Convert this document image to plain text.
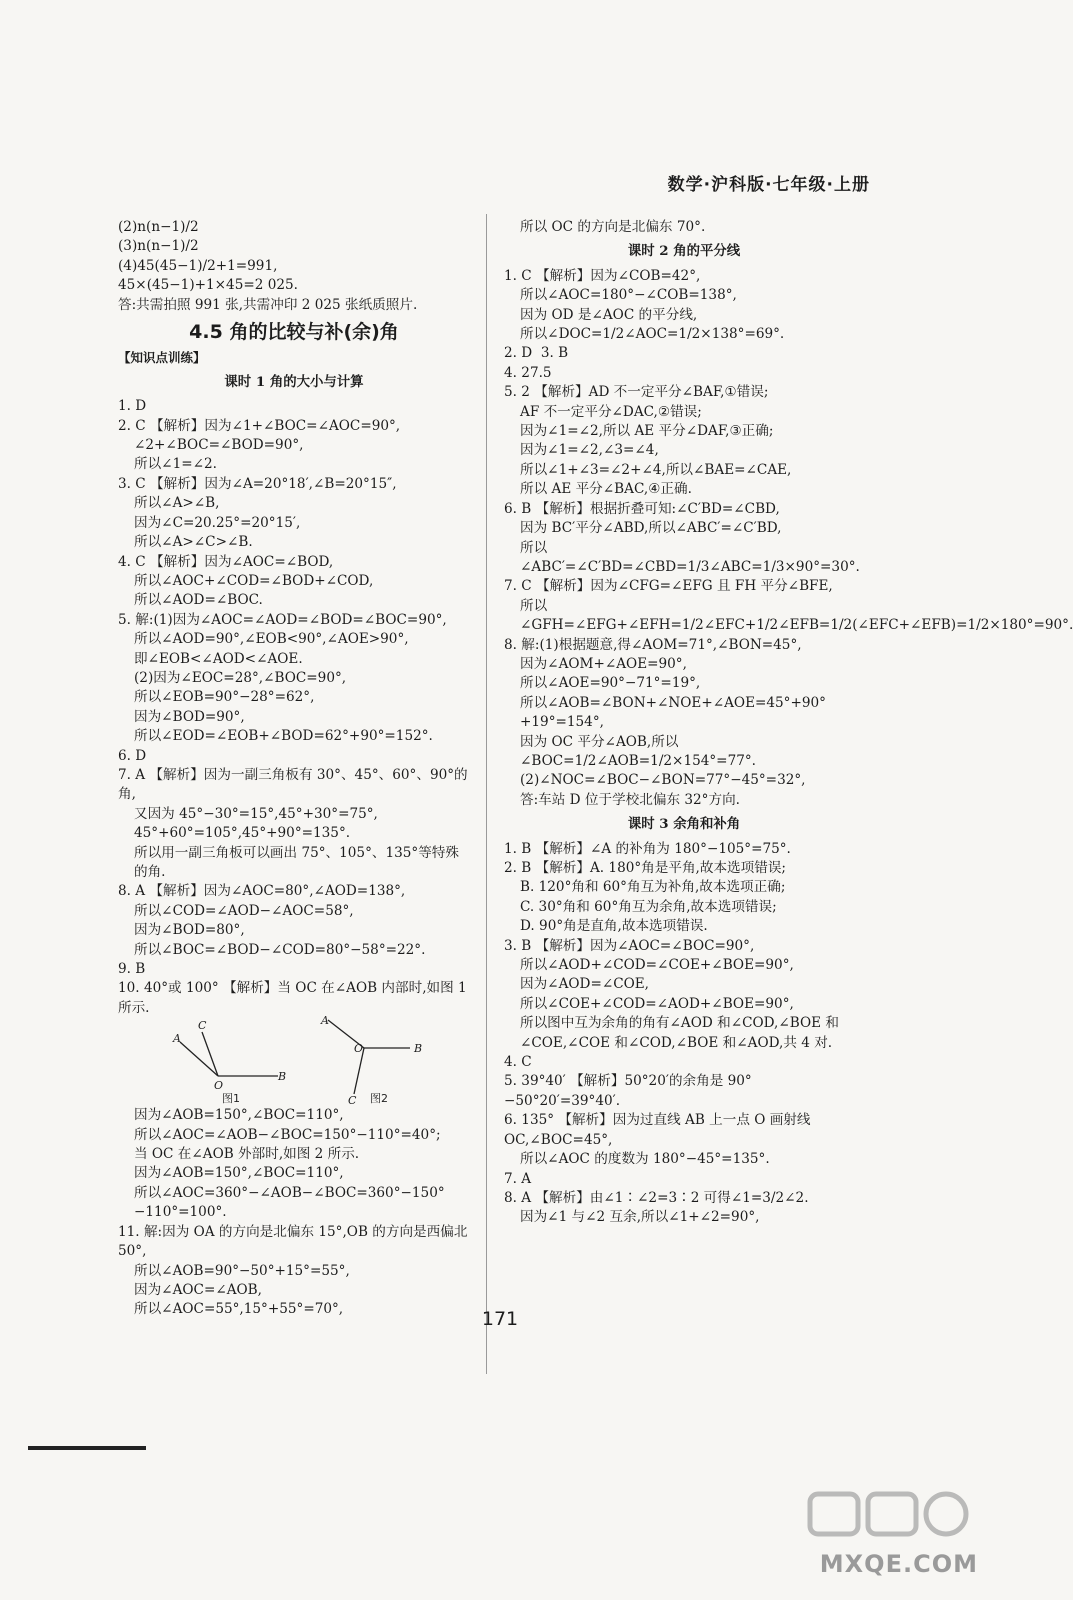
数学·沪科版·七年级·上册

(2)n(n−1)/2

(3)n(n−1)/2

(4)45(45−1)/2+1=991,

45×(45−1)+1×45=2 025.

答:共需拍照 991 张,共需冲印 2 025 张纸质照片.

4.5 角的比较与补(余)角
【知识点训练】
课时 1 角的大小与计算

1. D

2. C 【解析】因为∠1+∠BOC=∠AOC=90°,

∠2+∠BOC=∠BOD=90°,

所以∠1=∠2.

3. C 【解析】因为∠A=20°18′,∠B=20°15″,

所以∠A>∠B,

因为∠C=20.25°=20°15′,

所以∠A>∠C>∠B.

4. C 【解析】因为∠AOC=∠BOD,

所以∠AOC+∠COD=∠BOD+∠COD,

所以∠AOD=∠BOC.

5. 解:(1)因为∠AOC=∠AOD=∠BOD=∠BOC=90°,

所以∠AOD=90°,∠EOB<90°,∠AOE>90°,

即∠EOB<∠AOD<∠AOE.

(2)因为∠EOC=28°,∠BOC=90°,

所以∠EOB=90°−28°=62°,

因为∠BOD=90°,

所以∠EOD=∠EOB+∠BOD=62°+90°=152°.

6. D

7. A 【解析】因为一副三角板有 30°、45°、60°、90°的角,

又因为 45°−30°=15°,45°+30°=75°,

45°+60°=105°,45°+90°=135°.

所以用一副三角板可以画出 75°、105°、135°等特殊的角.

8. A 【解析】因为∠AOC=80°,∠AOD=138°,

所以∠COD=∠AOD−∠AOC=58°,

因为∠BOD=80°,

所以∠BOC=∠BOD−∠COD=80°−58°=22°.

9. B

10. 40°或 100° 【解析】当 OC 在∠AOB 内部时,如图 1 所示.

A
C
O
B
A
O	B
C
图1	图2

因为∠AOB=150°,∠BOC=110°,

所以∠AOC=∠AOB−∠BOC=150°−110°=40°;

当 OC 在∠AOB 外部时,如图 2 所示.

因为∠AOB=150°,∠BOC=110°,

所以∠AOC=360°−∠AOB−∠BOC=360°−150°−110°=100°.

11. 解:因为 OA 的方向是北偏东 15°,OB 的方向是西偏北 50°,

所以∠AOB=90°−50°+15°=55°,

因为∠AOC=∠AOB,

所以∠AOC=55°,15°+55°=70°,

所以 OC 的方向是北偏东 70°.

课时 2 角的平分线

1. C 【解析】因为∠COB=42°,

所以∠AOC=180°−∠COB=138°,

因为 OD 是∠AOC 的平分线,

所以∠DOC=1/2∠AOC=1/2×138°=69°.

2. D  3. B

4. 27.5

5. 2 【解析】AD 不一定平分∠BAF,①错误;

AF 不一定平分∠DAC,②错误;

因为∠1=∠2,所以 AE 平分∠DAF,③正确;

因为∠1=∠2,∠3=∠4,

所以∠1+∠3=∠2+∠4,所以∠BAE=∠CAE,

所以 AE 平分∠BAC,④正确.

6. B 【解析】根据折叠可知:∠C′BD=∠CBD,

因为 BC′平分∠ABD,所以∠ABC′=∠C′BD,

所以∠ABC′=∠C′BD=∠CBD=1/3∠ABC=1/3×90°=30°.

7. C 【解析】因为∠CFG=∠EFG 且 FH 平分∠BFE,

所以∠GFH=∠EFG+∠EFH=1/2∠EFC+1/2∠EFB=1/2(∠EFC+∠EFB)=1/2×180°=90°.

8. 解:(1)根据题意,得∠AOM=71°,∠BON=45°,

因为∠AOM+∠AOE=90°,

所以∠AOE=90°−71°=19°,

所以∠AOB=∠BON+∠NOE+∠AOE=45°+90°+19°=154°,

因为 OC 平分∠AOB,所以∠BOC=1/2∠AOB=1/2×154°=77°.

(2)∠NOC=∠BOC−∠BON=77°−45°=32°,

答:车站 D 位于学校北偏东 32°方向.

课时 3 余角和补角

1. B 【解析】∠A 的补角为 180°−105°=75°.

2. B 【解析】A. 180°角是平角,故本选项错误;

B. 120°角和 60°角互为补角,故本选项正确;

C. 30°角和 60°角互为余角,故本选项错误;

D. 90°角是直角,故本选项错误.

3. B 【解析】因为∠AOC=∠BOC=90°,

所以∠AOD+∠COD=∠COE+∠BOE=90°,

因为∠AOD=∠COE,

所以∠COE+∠COD=∠AOD+∠BOE=90°,

所以图中互为余角的角有∠AOD 和∠COD,∠BOE 和∠COE,∠COE 和∠COD,∠BOE 和∠AOD,共 4 对.

4. C

5. 39°40′ 【解析】50°20′的余角是 90°−50°20′=39°40′.

6. 135° 【解析】因为过直线 AB 上一点 O 画射线 OC,∠BOC=45°,

所以∠AOC 的度数为 180°−45°=135°.

7. A

8. A 【解析】由∠1∶∠2=3∶2 可得∠1=3/2∠2.

因为∠1 与∠2 互余,所以∠1+∠2=90°,

171
MXQE.COM
